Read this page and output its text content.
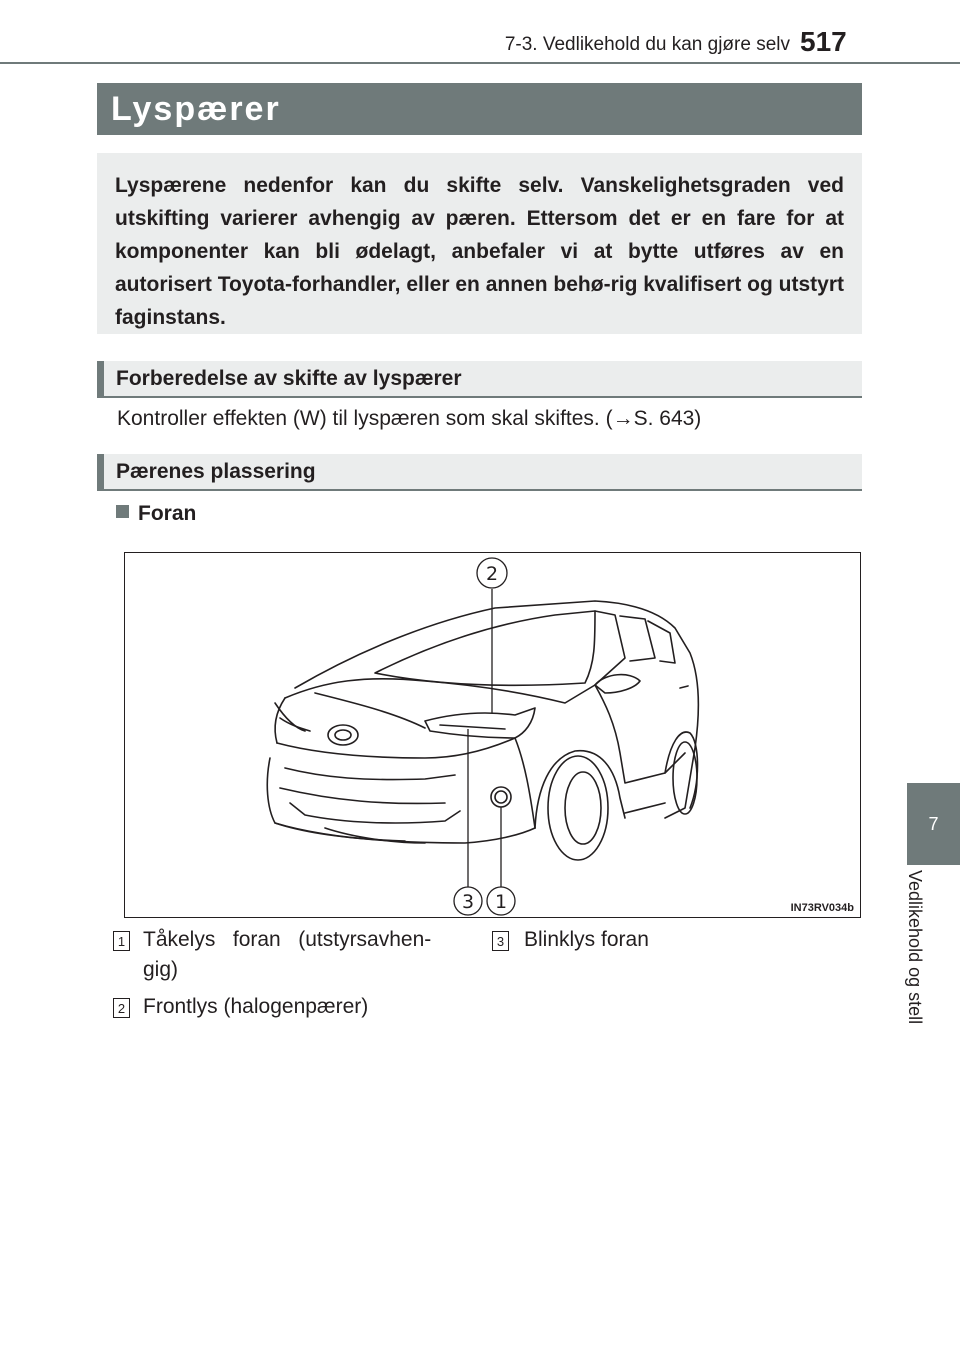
7-3. Vedlikehold du kan gjøre selv 517
7
Vedlikehold og stell
Lyspærer

Lyspærene nedenfor kan du skifte selv. Vanskelighetsgraden ved utskifting varierer avhengig av pæren. Ettersom det er en fare for at komponenter kan bli ødelagt, anbefaler vi at bytte utføres av en autorisert Toyota-forhandler, eller en annen behø-rig kvalifisert og utstyrt faginstans.

Forberedelse av skifte av lyspærer
Kontroller effekten (W) til lyspæren som skal skiftes. (→S. 643)
Pærenes plassering
Foran
2
3 1	IN73RV034b
1 Tåkelys   foran   (utstyrsavhen-
gig)
2 Frontlys (halogenpærer)
3 Blinklys foran
